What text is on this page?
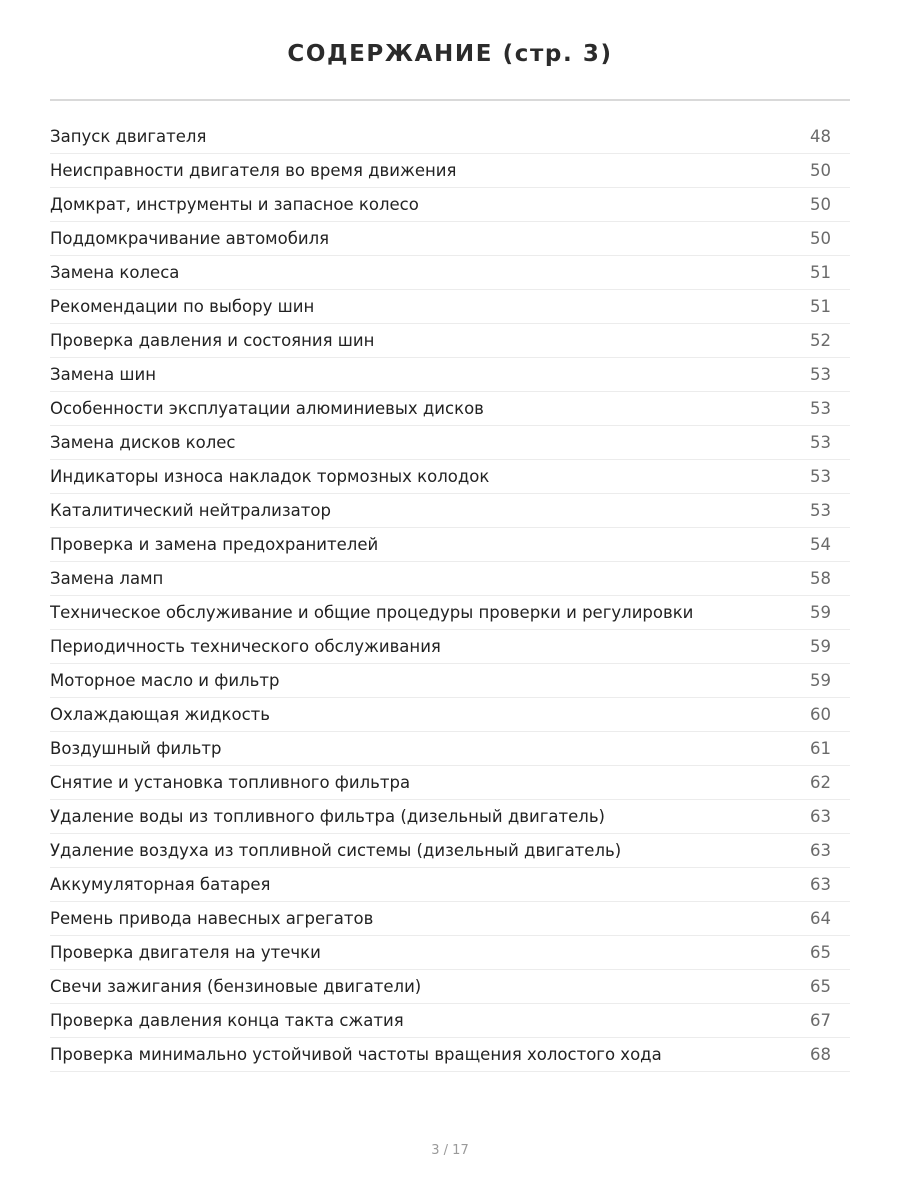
СОДЕРЖАНИЕ (стр. 3)
Запуск двигателя	48
Неисправности двигателя во время движения	50
Домкрат, инструменты и запасное колесо	50
Поддомкрачивание автомобиля	50
Замена колеса	51
Рекомендации по выбору шин	51
Проверка давления и состояния шин	52
Замена шин	53
Особенности эксплуатации алюминиевых дисков	53
Замена дисков колес	53
Индикаторы износа накладок тормозных колодок	53
Каталитический нейтрализатор	53
Проверка и замена предохранителей	54
Замена ламп	58
Техническое обслуживание и общие процедуры проверки и регулировки	59
Периодичность технического обслуживания	59
Моторное масло и фильтр	59
Охлаждающая жидкость	60
Воздушный фильтр	61
Снятие и установка топливного фильтра	62
Удаление воды из топливного фильтра (дизельный двигатель)	63
Удаление воздуха из топливной системы (дизельный двигатель)	63
Аккумуляторная батарея	63
Ремень привода навесных агрегатов	64
Проверка двигателя на утечки	65
Свечи зажигания (бензиновые двигатели)	65
Проверка давления конца такта сжатия	67
Проверка минимально устойчивой частоты вращения холостого хода	68
3 / 17
